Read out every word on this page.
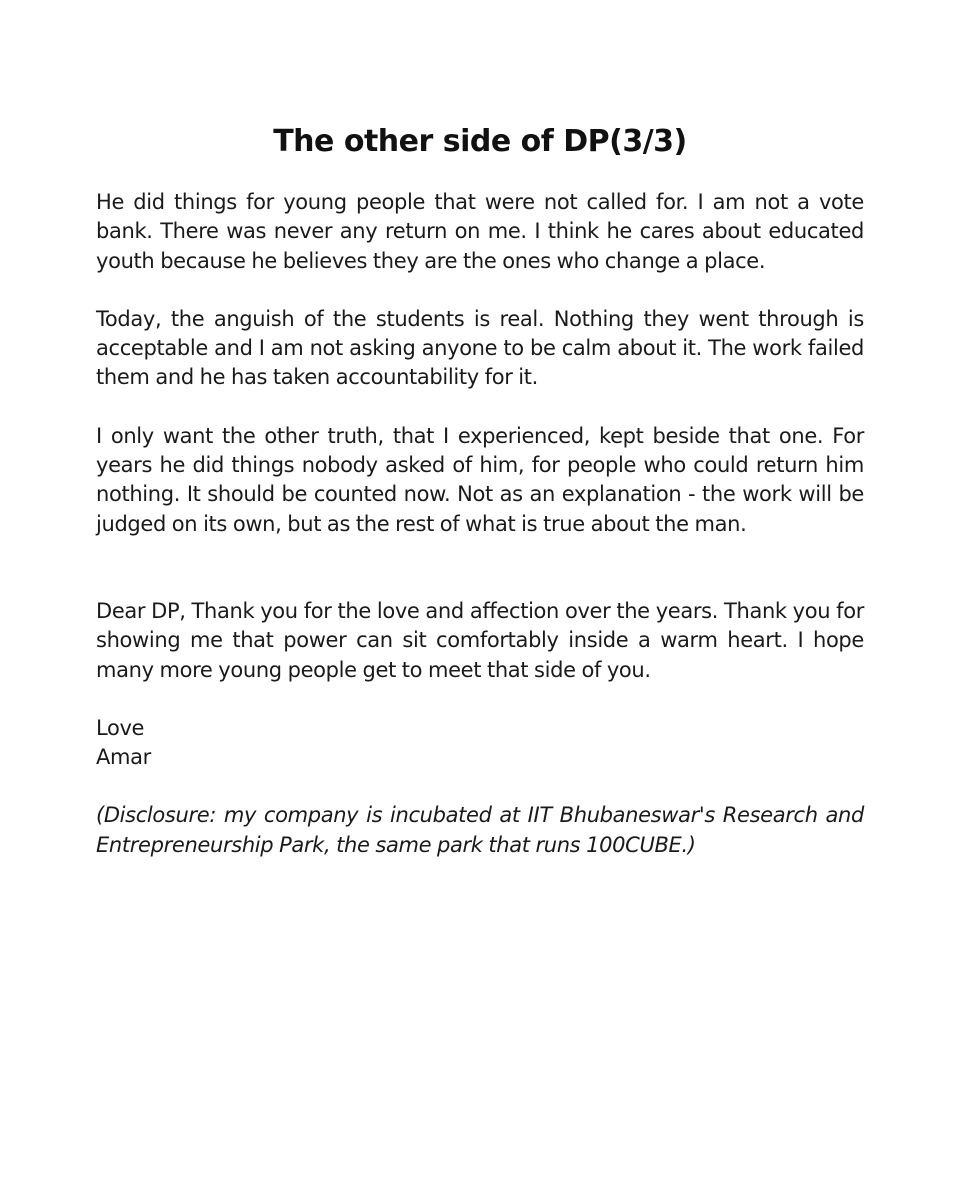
The other side of DP(3/3)

He did things for young people that were not called for. I am not a vote bank. There was never any return on me. I think he cares about educated youth because he believes they are the ones who change a place.

Today, the anguish of the students is real. Nothing they went through is acceptable and I am not asking anyone to be calm about it. The work failed them and he has taken accountability for it.

I only want the other truth, that I experienced, kept beside that one. For years he did things nobody asked of him, for people who could return him nothing. It should be counted now. Not as an explanation - the work will be judged on its own, but as the rest of what is true about the man.

Dear DP, Thank you for the love and affection over the years. Thank you for showing me that power can sit comfortably inside a warm heart. I hope many more young people get to meet that side of you.

Love

Amar

(Disclosure: my company is incubated at IIT Bhubaneswar's Research and Entrepreneurship Park, the same park that runs 100CUBE.)
